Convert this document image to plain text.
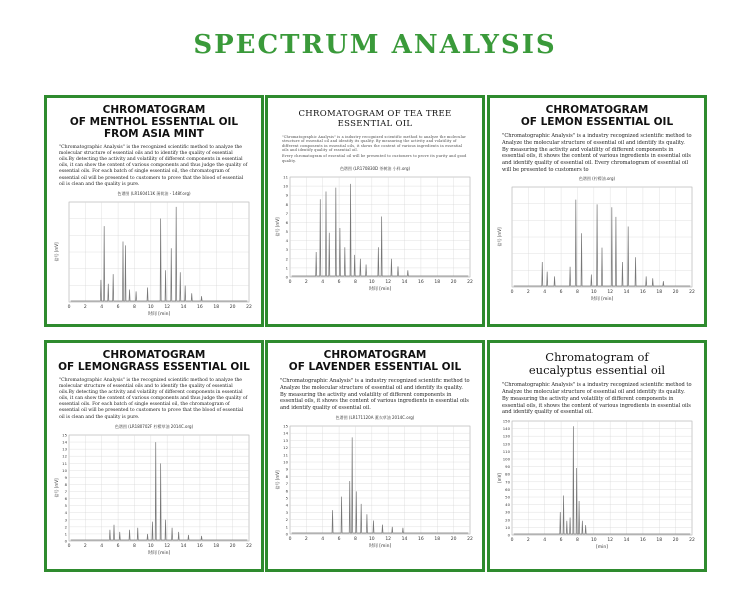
SPECTRUM ANALYSIS
CHROMATOGRAM
OF MENTHOL ESSENTIAL OIL FROM ASIA MINT
"Chromatographic Analysis" is the recognized scientific method to analyze the molecular structure of essential oils and to identify the quality of essential oils.By detecting the activity and volatility of different components in essential oils, it can show the content of various components and thus judge the quality of essential oils. For each batch of single essential oil, the chromatogram of essential oil will be presented to customers to prove that the blood of essential oil is clean and the quality is pure.
色谱图 (LR160411K 薄荷油 - 148f.org)
0	2	4	6	8	10 12 14 16 18 20 22
时间 [min]
信号 [mV]
CHROMATOGRAM OF TEA TREE ESSENTIAL OIL

"Chromatographic Analysis" is a industry recognized scientific method to analyze the molecular structure of essential oil and identify its quality. By measuring the activity and volatility of different components in essential oils, it shows the content of various ingredients in essential oils and identify quality of essential oil.

Every chromatogram of essential oil will be presented to customers to prove its purity and good quality.

色谱图 (LR170830D 茶树油 小样.org)
0	2	4	6	8	10 12 14 16 18 20 22
0
1
2
3
4
5
6
7
8
9
10
11
时间 [min]
信号 [mV]
CHROMATOGRAM
OF LEMON ESSENTIAL OIL
"Chromatographic Analysis" is a industry recognized scientific method to Analyze the molecular structure of essential oil and identify its quality. By measuring the activity and volatility of different components in essential oils, it shows the content of various ingredients in essential oils and identify quality of essential oil. Every chromatogram of essential oil will be presented to customers to
色谱图 (柠檬油.org)
0	2	4	6	8	10 12 14 16 18 20 22
时间 [min]
信号 [mV]
CHROMATOGRAM
OF LEMONGRASS ESSENTIAL OIL
"Chromatographic Analysis" is the recognized scientific method to analyze the molecular structure of essential oils and to identify the quality of essential oils.By detecting the activity and volatility of different components in essential oils, it can show the content of various components and thus judge the quality of essential oils. For each batch of single essential oil, the chromatogram of essential oil will be presented to customers to prove that the blood of essential oil is clean and the quality is pure.
色谱图 (LR180702F 柠檬草油 2014C.org)
0	2	4	6	8	10 12 14 16 18 20 22
0
1
2
3
4
5
6
7
8
9
10
11
12
13
14
15
时间 [min]
信号 [mV]
CHROMATOGRAM
OF LAVENDER ESSENTIAL OIL
"Chromatographic Analysis" is a industry recognized scientific method to Analyze the molecular structure of essential oil and identify its quality. By measuring the activity and volatility of different components in essential oils, it shows the content of various ingredients in essential oils and identify quality of essential oil.
色谱图 (LR171120A 薰衣草油 2014C.org)
0	2	4	6	8	10 12 14 16 18 20 22
0
1
2
3
4
5
6
7
8
9
10
11
12
13
14
15
时间 [min]
信号 [mV]
Chromatogram of
eucalyptus essential oil
"Chromatographic Analysis" is a industry recognized scientific method to Analyze the molecular structure of essential oil and identify its quality. By measuring the activity and volatility of different components in essential oils, it shows the content of various ingredients in essential oils and identify quality of essential oil.
0	2	4	6	8	10 12 14 16 18 20 22
0
10
20
30
40
50
60
70
80
90
100
110
120
130
140
150
[min]
[mV]
